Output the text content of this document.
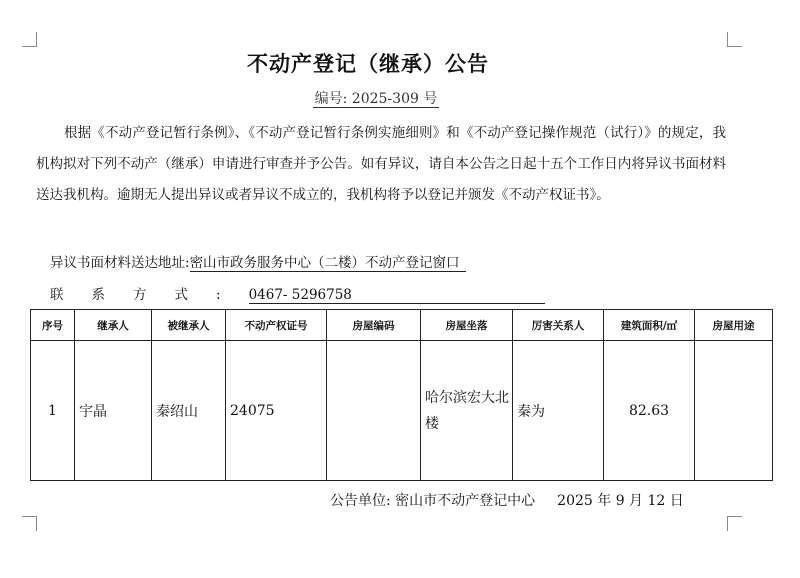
不动产登记（继承）公告
编号: 2025-309 号

根据《不动产登记暂行条例》、《不动产登记暂行条例实施细则》和《不动产登记操作规范（试行）》的规定，我机构拟对下列不动产（继承）申请进行审查并予公告。如有异议，请自本公告之日起十五个工作日内将异议书面材料送达我机构。逾期无人提出异议或者异议不成立的，我机构将予以登记并颁发《不动产权证书》。

异议书面材料送达地址:密山市政务服务中心（二楼）不动产登记窗口
联系方式:0467- 5296758
序号	继承人	被继承人	不动产权证号	房屋编码	房屋坐落	厉害关系人	建筑面积/㎡	房屋用途
1	宇晶	秦绍山	24075		哈尔滨宏大北楼	秦为	82.63	
公告单位: 密山市不动产登记中心 2025 年 9 月 12 日
